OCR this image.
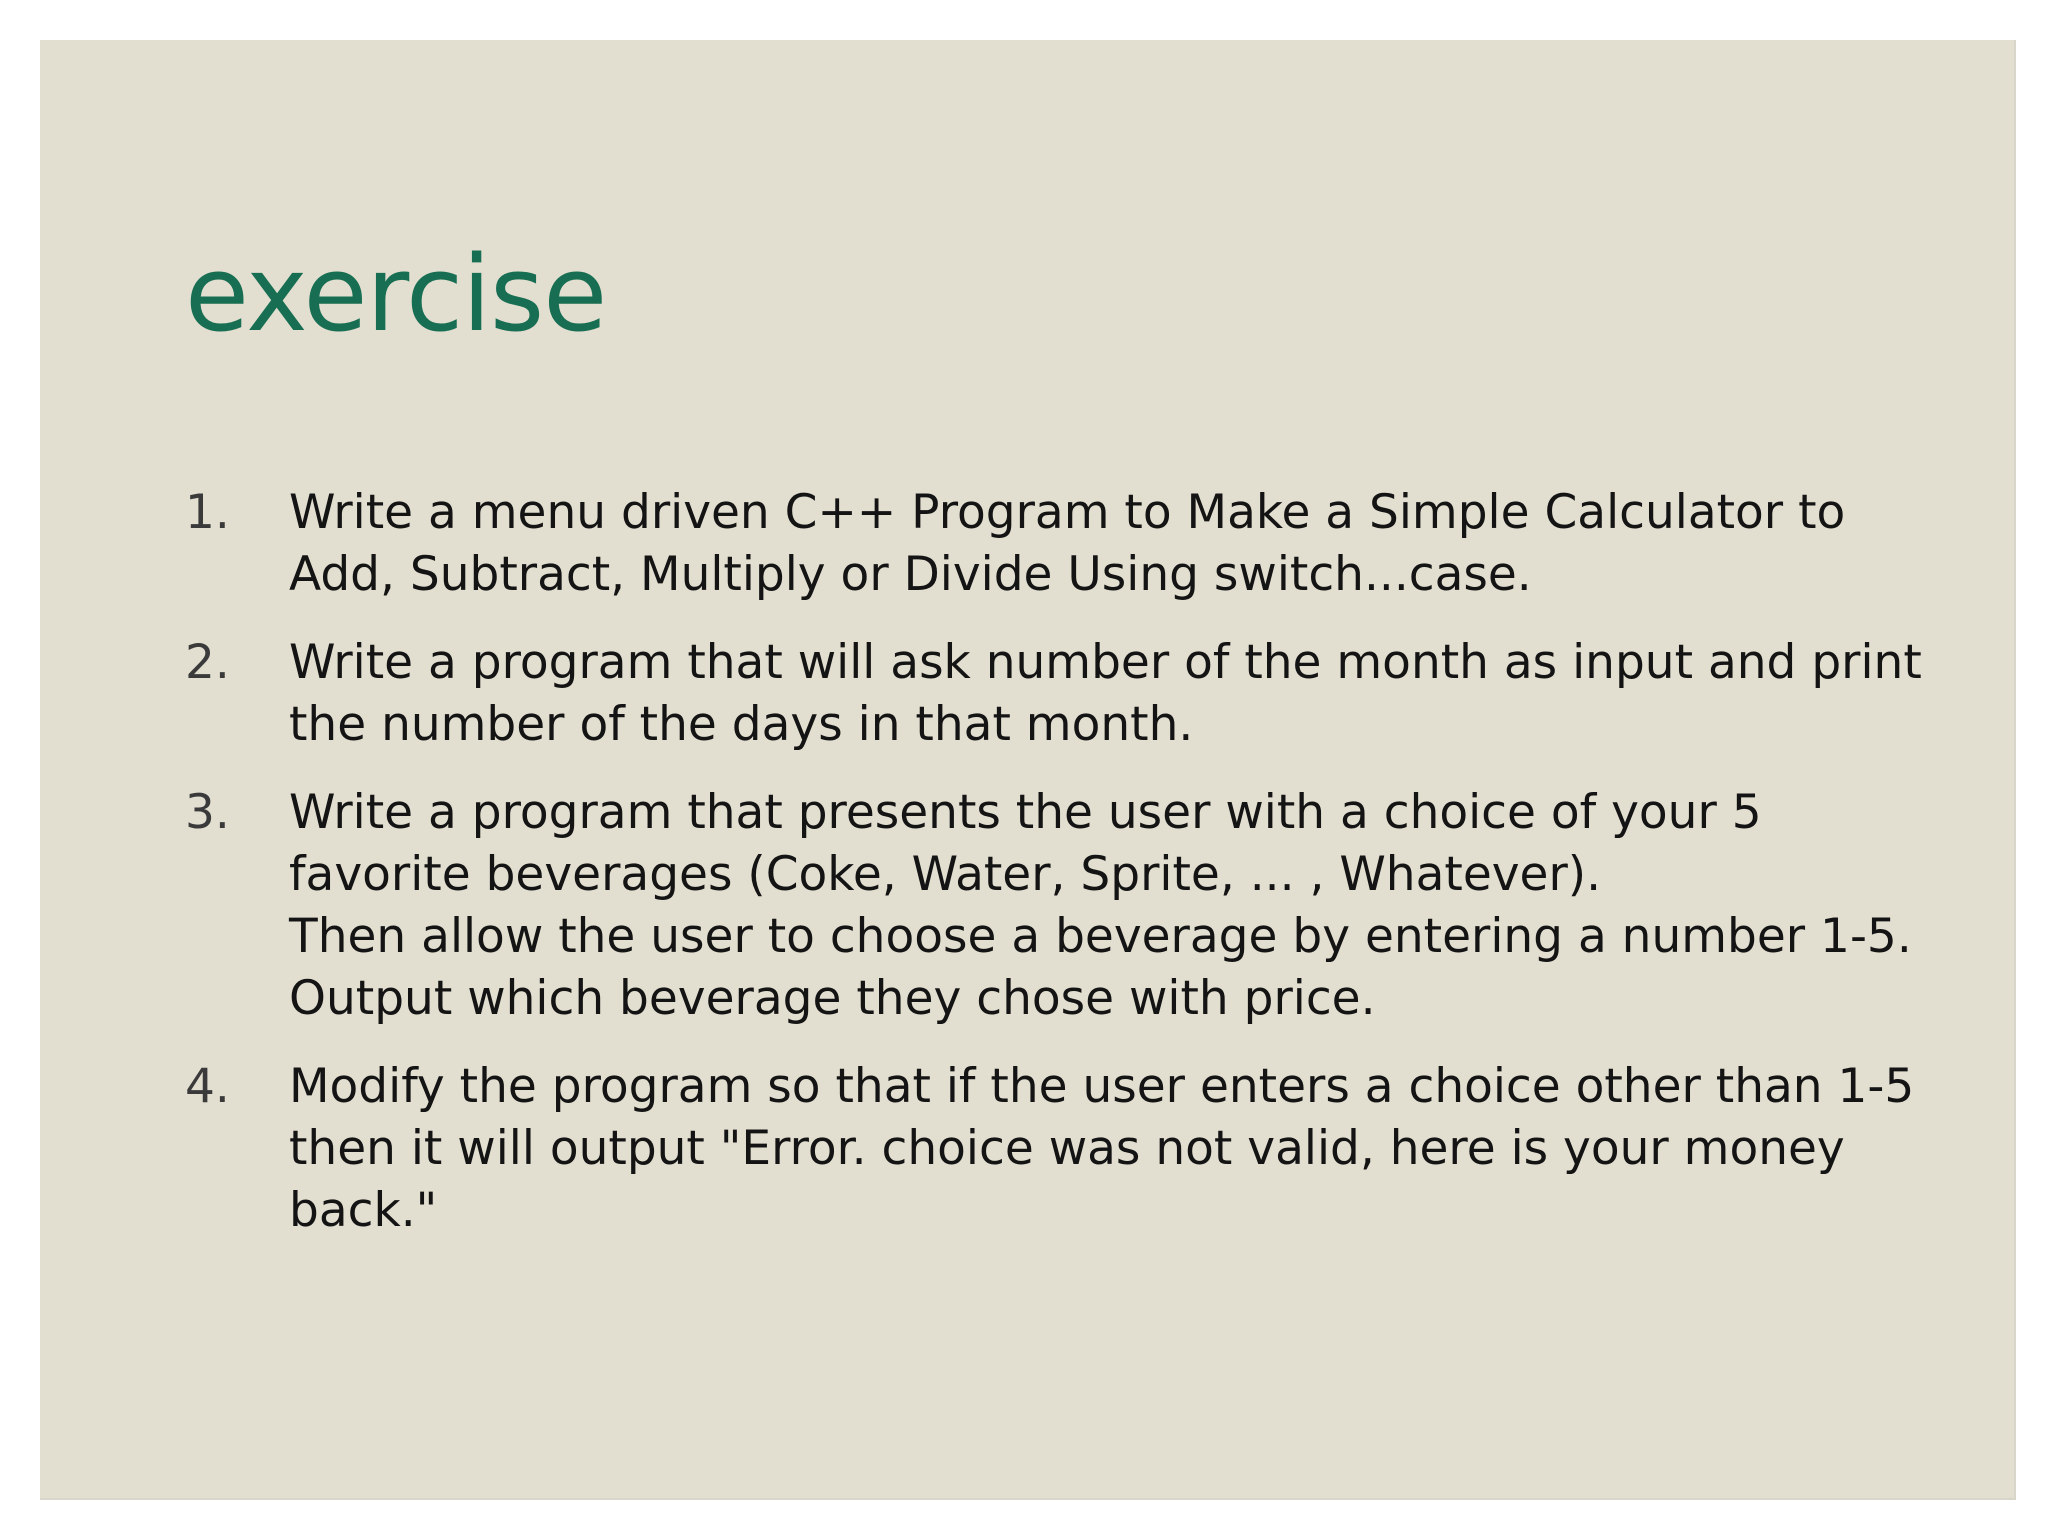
exercise
1.	Write a menu driven C++ Program to Make a Simple Calculator to
Add, Subtract, Multiply or Divide Using switch...case.
2.	Write a program that will ask number of the month as input and print
the number of the days in that month.
3.	Write a program that presents the user with a choice of your 5
favorite beverages (Coke, Water, Sprite, ... , Whatever).
Then allow the user to choose a beverage by entering a number 1-5.
Output which beverage they chose with price.
4.	Modify the program so that if the user enters a choice other than 1-5
then it will output "Error. choice was not valid, here is your money
back."
